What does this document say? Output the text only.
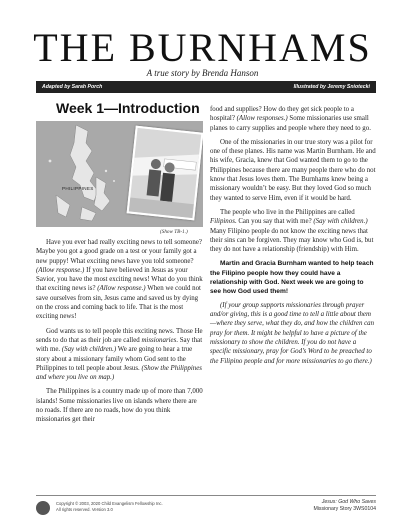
THE BURNHAMS
A true story by Brenda Hanson
Adapted by Sarah Porch	Illustrated by Jeremy Sniotecki
Week 1—Introduction
PHILIPPINES
(Show TB-1.)

Have you ever had really exciting news to tell someone? Maybe you got a good grade on a test or your family got a new puppy! What exciting news have you told someone? (Allow response.) If you have believed in Jesus as your Savior, you have the most exciting news! What do you think that exciting news is? (Allow response.) When we could not save ourselves from sin, Jesus came and saved us by dying on the cross and coming back to life. That is the most exciting news!

God wants us to tell people this exciting news. Those He sends to do that as their job are called missionaries. Say that with me. (Say with children.) We are going to hear a true story about a missionary family whom God sent to the Philippines to tell people about Jesus. (Show the Philippines and where you live on map.)

The Philippines is a country made up of more than 7,000 islands! Some missionaries live on islands where there are no roads. If there are no roads, how do you think missionaries get their

food and supplies? How do they get sick people to a hospital? (Allow responses.) Some missionaries use small planes to carry supplies and people where they need to go.

One of the missionaries in our true story was a pilot for one of these planes. His name was Martin Burnham. He and his wife, Gracia, knew that God wanted them to go to the Philippines because there are many people there who do not know that Jesus loves them. The Burnhams knew being a missionary wouldn’t be easy. But they loved God so much they wanted to serve Him, even if it would be hard.

The people who live in the Philippines are called Filipinos. Can you say that with me? (Say with children.) Many Filipino people do not know the exciting news that their sins can be forgiven. They may know who God is, but they do not have a relationship (friendship) with Him.

Martin and Gracia Burnham wanted to help teach the Filipino people how they could have a relationship with God. Next week we are going to see how God used them!

(If your group supports missionaries through prayer and/or giving, this is a good time to tell a little about them—where they serve, what they do, and how the children can pray for them. It might be helpful to have a picture of the missionary to show the children. If you do not have a specific missionary, pray for God’s Word to be preached to the Filipino people and for more missionaries to go there.)

Copyright © 2003, 2020 Child Evangelism Fellowship Inc.
All rights reserved. Version 3.0
Jesus: God Who Saves
Missionary Story 3WS0104
